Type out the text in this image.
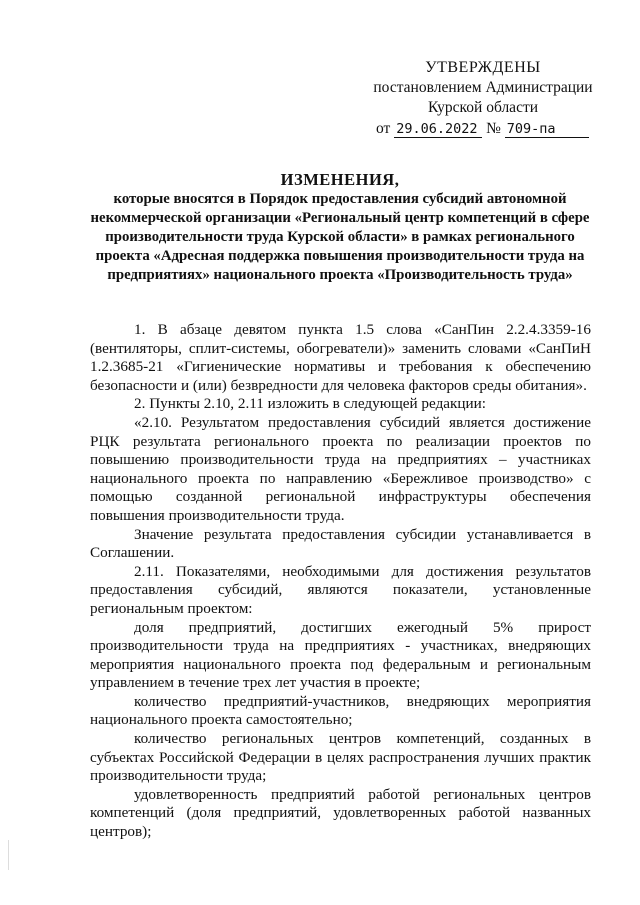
УТВЕРЖДЕНЫ
постановлением Администрации
Курской области
от 29.06.2022 № 709-па
ИЗМЕНЕНИЯ,
которые вносятся в Порядок предоставления субсидий автономной некоммерческой организации «Региональный центр компетенций в сфере производительности труда Курской области» в рамках регионального проекта «Адресная поддержка повышения производительности труда на предприятиях» национального проекта «Производительность труда»

1. В абзаце девятом пункта 1.5 слова «СанПин 2.2.4.3359-16 (вентиляторы, сплит-системы, обогреватели)» заменить словами «СанПиН 1.2.3685-21 «Гигиенические нормативы и требования к обеспечению безопасности и (или) безвредности для человека факторов среды обитания».

2. Пункты 2.10, 2.11 изложить в следующей редакции:

«2.10. Результатом предоставления субсидий является достижение РЦК результата регионального проекта по реализации проектов по повышению производительности труда на предприятиях – участниках национального проекта по направлению «Бережливое производство» с помощью созданной региональной инфраструктуры обеспечения повышения производительности труда.

Значение результата предоставления субсидии устанавливается в Соглашении.

2.11. Показателями, необходимыми для достижения результатов предоставления субсидий, являются показатели, установленные региональным проектом:

доля предприятий, достигших ежегодный 5% прирост производительности труда на предприятиях - участниках, внедряющих мероприятия национального проекта под федеральным и региональным управлением в течение трех лет участия в проекте;

количество предприятий-участников, внедряющих мероприятия национального проекта самостоятельно;

количество региональных центров компетенций, созданных в субъектах Российской Федерации в целях распространения лучших практик производительности труда;

удовлетворенность предприятий работой региональных центров компетенций (доля предприятий, удовлетворенных работой названных центров);
